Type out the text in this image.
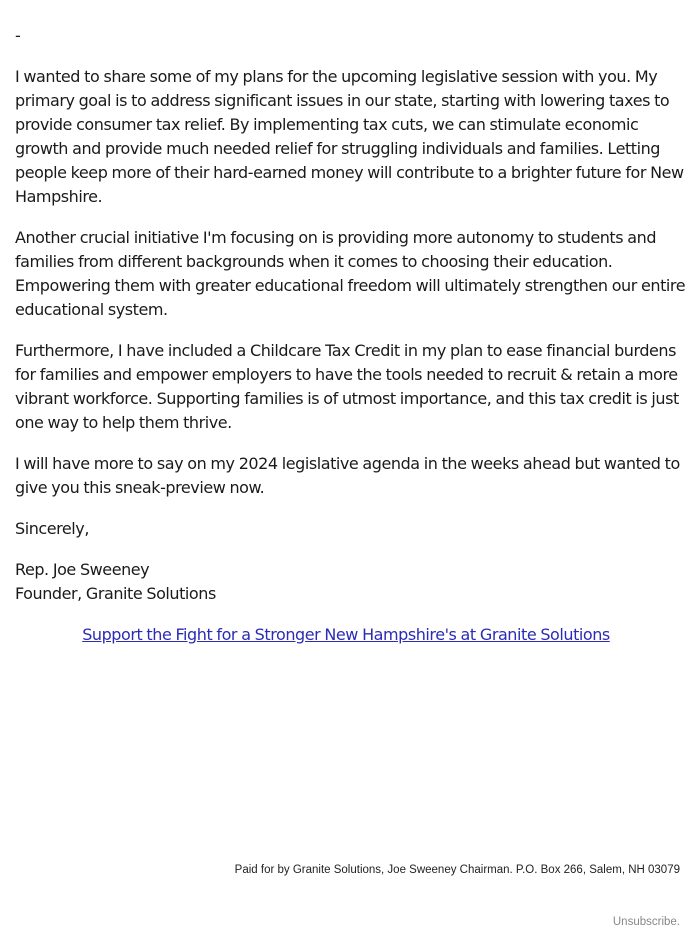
-

I wanted to share some of my plans for the upcoming legislative session with you. My primary goal is to address significant issues in our state, starting with lowering taxes to provide consumer tax relief. By implementing tax cuts, we can stimulate economic growth and provide much needed relief for struggling individuals and families. Letting people keep more of their hard-earned money will contribute to a brighter future for New Hampshire.

Another crucial initiative I'm focusing on is providing more autonomy to students and families from different backgrounds when it comes to choosing their education. Empowering them with greater educational freedom will ultimately strengthen our entire educational system.

Furthermore, I have included a Childcare Tax Credit in my plan to ease financial burdens for families and empower employers to have the tools needed to recruit & retain a more vibrant workforce. Supporting families is of utmost importance, and this tax credit is just one way to help them thrive.

I will have more to say on my 2024 legislative agenda in the weeks ahead but wanted to give you this sneak-preview now.

Sincerely,

Rep. Joe Sweeney
Founder, Granite Solutions

Support the Fight for a Stronger New Hampshire's at Granite Solutions
Paid for by Granite Solutions, Joe Sweeney Chairman. P.O. Box 266, Salem, NH 03079
Unsubscribe.
